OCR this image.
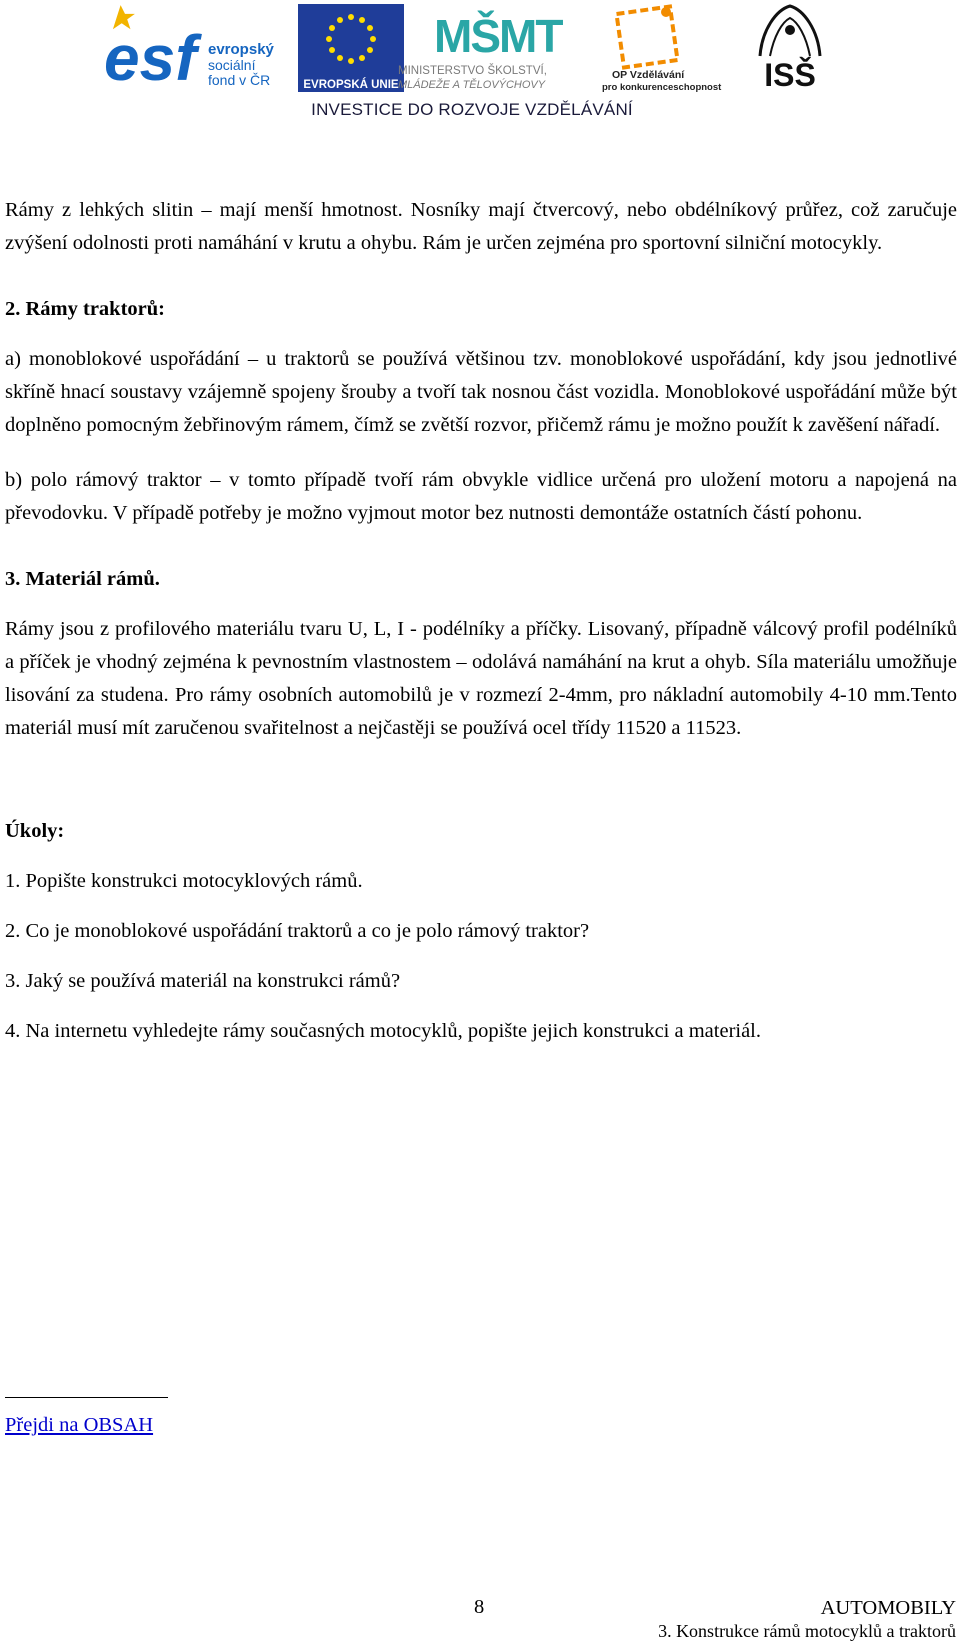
esf evropský
sociální
fond v ČR	EVROPSKÁ UNIE
MŠMT
MINISTERSTVO ŠKOLSTVÍ,
MLÁDEŽE A TĚLOVÝCHOVY
OP Vzdělávání
pro konkurenceschopnost ISŠ
INVESTICE DO ROZVOJE VZDĚLÁVÁNÍ

Rámy z lehkých slitin – mají menší hmotnost. Nosníky mají čtvercový, nebo obdélníkový průřez, což zaručuje zvýšení odolnosti proti namáhání v krutu a ohybu. Rám je určen zejména pro sportovní silniční motocykly.

2. Rámy traktorů:

a) monoblokové uspořádání – u traktorů se používá většinou tzv. monoblokové uspořádání, kdy jsou jednotlivé skříně hnací soustavy vzájemně spojeny šrouby a tvoří tak nosnou část vozidla. Monoblokové uspořádání může být doplněno pomocným žebřinovým rámem, čímž se zvětší rozvor, přičemž rámu je možno použít k zavěšení nářadí.

b) polo rámový traktor – v tomto případě tvoří rám obvykle vidlice určená pro uložení motoru a napojená na převodovku. V případě potřeby je možno vyjmout motor bez nutnosti demontáže ostatních částí pohonu.

3. Materiál rámů.

Rámy jsou z profilového materiálu tvaru U, L, I - podélníky a příčky. Lisovaný, případně válcový profil podélníků a příček je vhodný zejména k pevnostním vlastnostem – odolává namáhání na krut a ohyb. Síla materiálu umožňuje lisování za studena. Pro rámy osobních automobilů je v rozmezí 2-4mm, pro nákladní automobily 4-10 mm.Tento materiál musí mít zaručenou svařitelnost a nejčastěji se používá ocel třídy 11520 a 11523.

Úkoly:

1. Popište konstrukci motocyklových rámů.

2. Co je monoblokové uspořádání traktorů a co je polo rámový traktor?

3. Jaký se používá materiál na konstrukci rámů?

4. Na internetu vyhledejte rámy současných motocyklů, popište jejich konstrukci a materiál.

Přejdi na OBSAH
8	AUTOMOBILY
3. Konstrukce rámů motocyklů a traktorů
